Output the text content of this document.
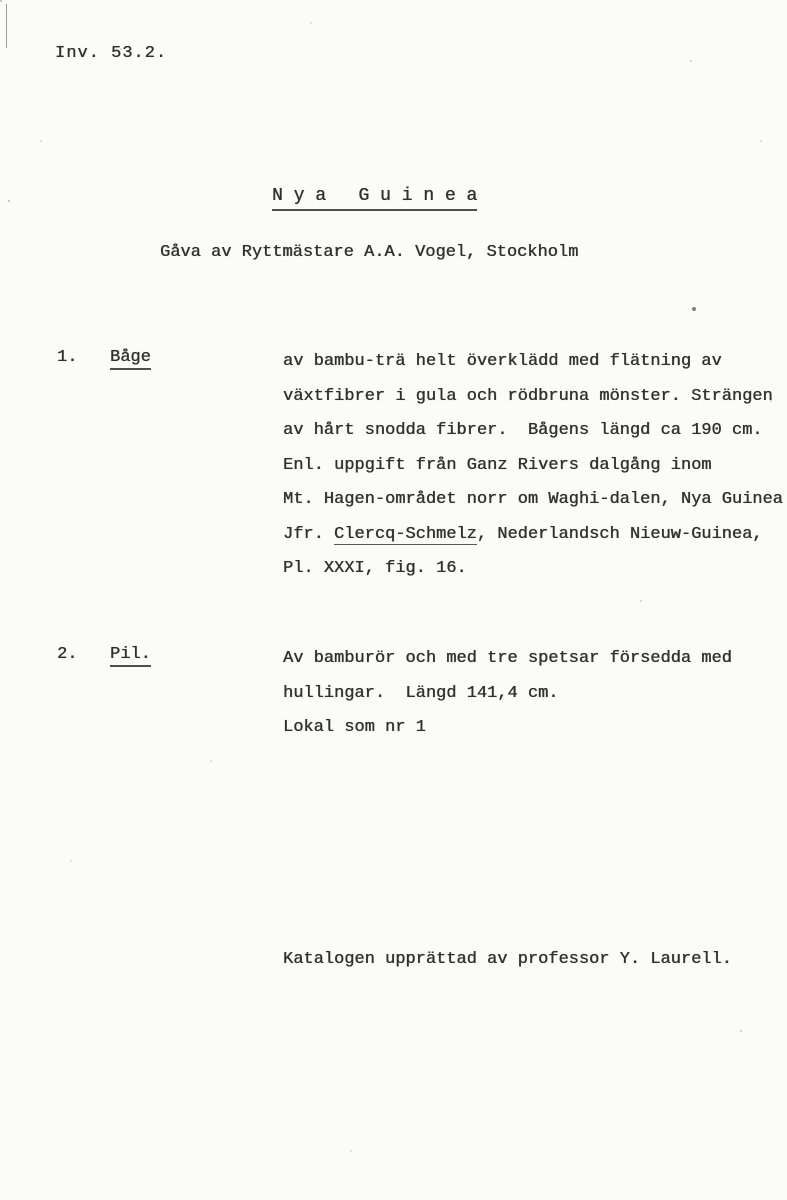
Inv. 53.2.
N y a   G u i n e a
Gåva av Ryttmästare A.A. Vogel, Stockholm
1.	Båge	av bambu-trä helt överklädd med flätning av
växtfibrer i gula och rödbruna mönster. Strängen
av hårt snodda fibrer.  Bågens längd ca 190 cm.
Enl. uppgift från Ganz Rivers dalgång inom
Mt. Hagen-området norr om Waghi-dalen, Nya Guinea
Jfr. Clercq-Schmelz, Nederlandsch Nieuw-Guinea,
Pl. XXXI, fig. 16.
2.	Pil.	Av bamburör och med tre spetsar försedda med
hullingar.  Längd 141,4 cm.
Lokal som nr 1
Katalogen upprättad av professor Y. Laurell.
